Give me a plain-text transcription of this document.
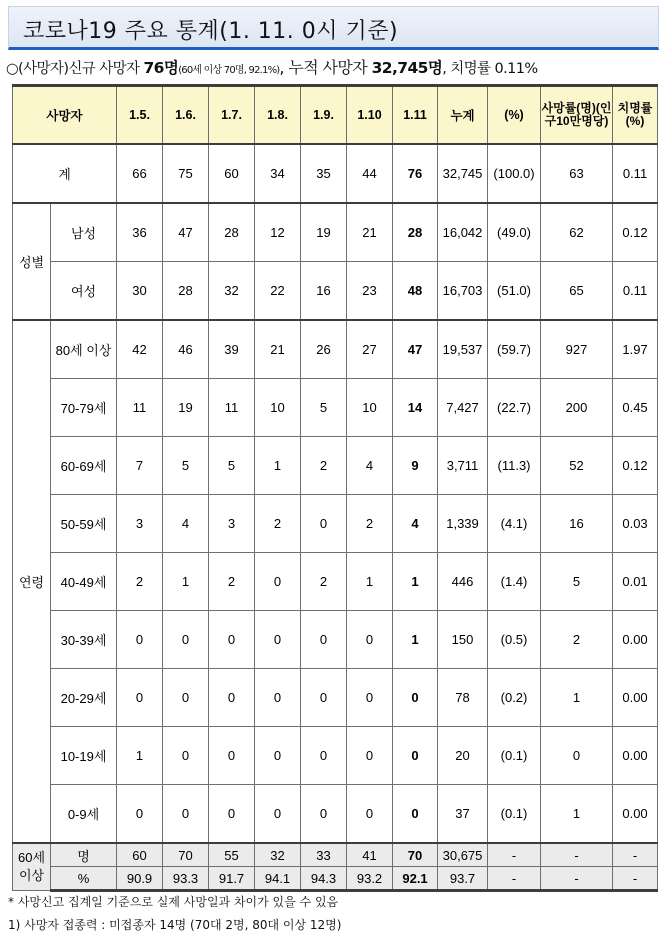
코로나19 주요 통계(1. 11. 0시 기준)
○(사망자)신규 사망자 76명(60세 이상 70명, 92.1%), 누적 사망자 32,745명, 치명률 0.11%
사망자		1.5.	1.6.	1.7.	1.8.	1.9.	1.10	1.11	누계	(%)	사망률(명)(인구10만명당)	치명률(%)
계		66	75	60	34	35	44	76	32,745	(100.0)	63	0.11
성별	남성	36	47	28	12	19	21	28	16,042	(49.0)	62	0.12
	여성	30	28	32	22	16	23	48	16,703	(51.0)	65	0.11
연령	80세 이상	42	46	39	21	26	27	47	19,537	(59.7)	927	1.97
	70-79세	11	19	11	10	5	10	14	7,427	(22.7)	200	0.45
	60-69세	7	5	5	1	2	4	9	3,711	(11.3)	52	0.12
	50-59세	3	4	3	2	0	2	4	1,339	(4.1)	16	0.03
	40-49세	2	1	2	0	2	1	1	446	(1.4)	5	0.01
	30-39세	0	0	0	0	0	0	1	150	(0.5)	2	0.00
	20-29세	0	0	0	0	0	0	0	78	(0.2)	1	0.00
	10-19세	1	0	0	0	0	0	0	20	(0.1)	0	0.00
	0-9세	0	0	0	0	0	0	0	37	(0.1)	1	0.00

60세
이상	명	60	70	55	32	33	41	70	30,675	-	-	-
	%	90.9	93.3	91.7	94.1	94.3	93.2	92.1	93.7	-	-	-
* 사망신고 집계일 기준으로 실제 사망일과 차이가 있을 수 있음
1) 사망자 접종력 : 미접종자 14명 (70대 2명, 80대 이상 12명)
